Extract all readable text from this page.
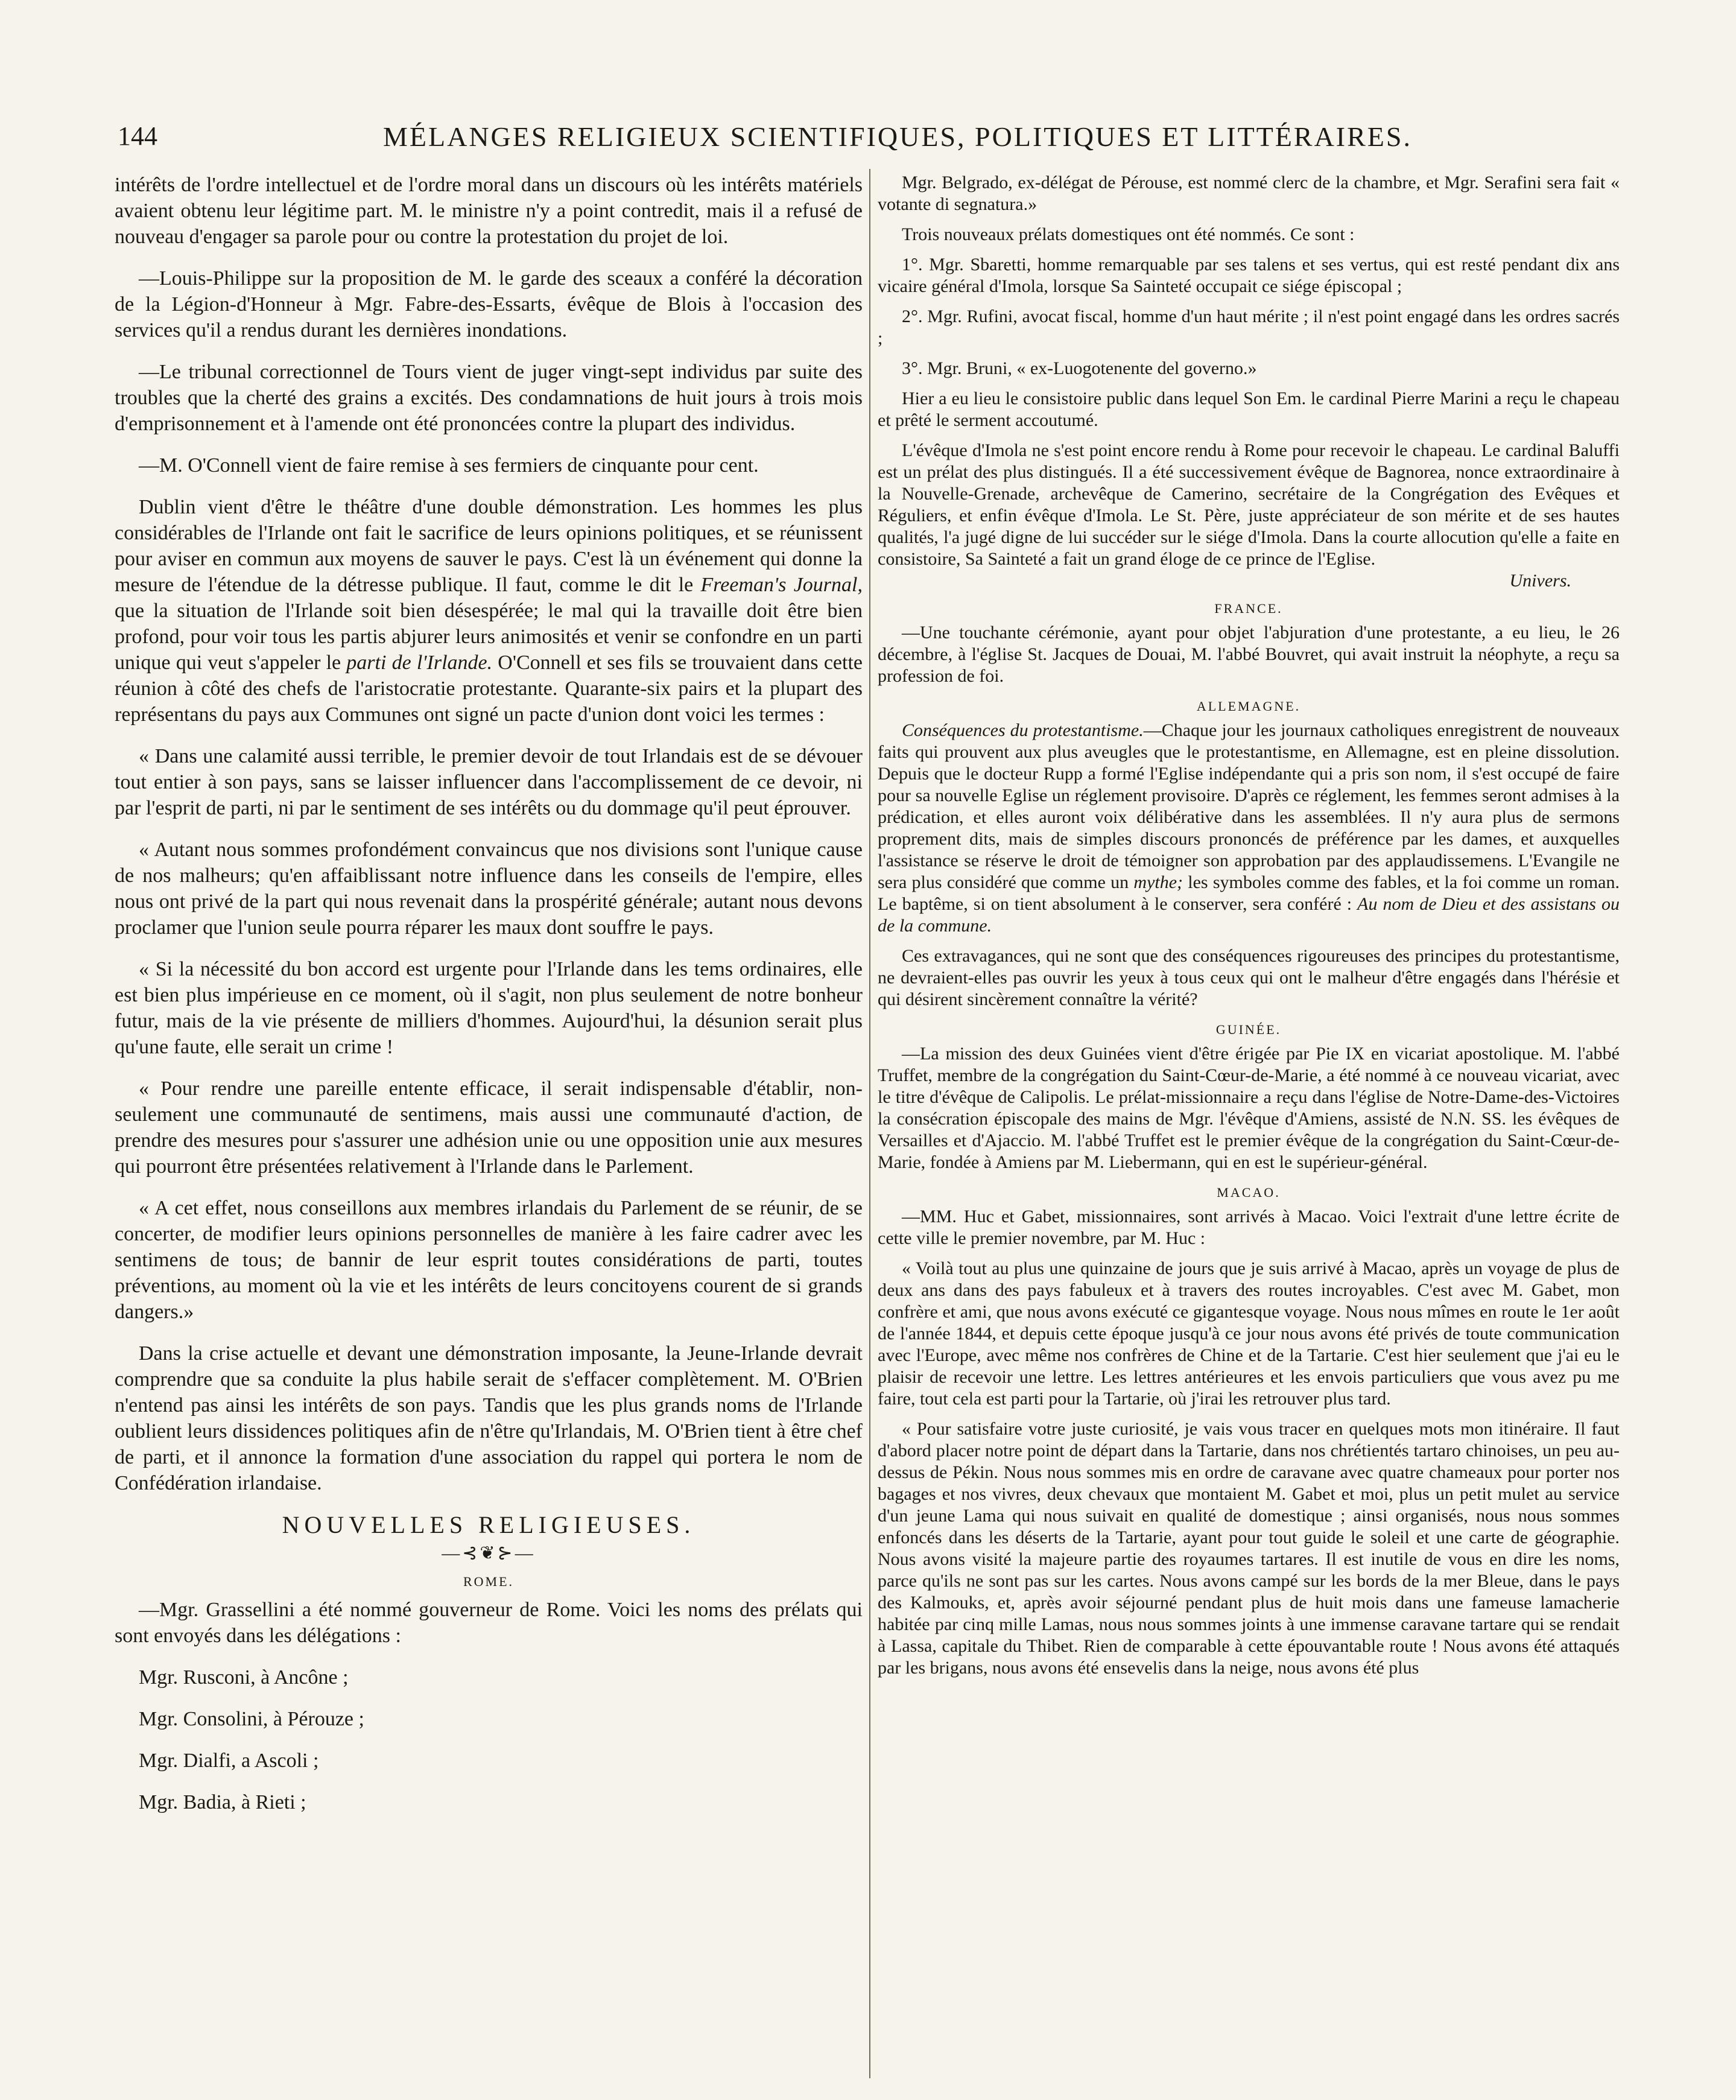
144	MÉLANGES RELIGIEUX SCIENTIFIQUES, POLITIQUES ET LITTÉRAIRES.

intérêts de l'ordre intellectuel et de l'ordre moral dans un discours où les intérêts matériels avaient obtenu leur légitime part. M. le ministre n'y a point contredit, mais il a refusé de nouveau d'engager sa parole pour ou contre la protestation du projet de loi.

—Louis-Philippe sur la proposition de M. le garde des sceaux a conféré la décoration de la Légion-d'Honneur à Mgr. Fabre-des-Essarts, évêque de Blois à l'occasion des services qu'il a rendus durant les dernières inondations.

—Le tribunal correctionnel de Tours vient de juger vingt-sept individus par suite des troubles que la cherté des grains a excités. Des condamnations de huit jours à trois mois d'emprisonnement et à l'amende ont été prononcées contre la plupart des individus.

—M. O'Connell vient de faire remise à ses fermiers de cinquante pour cent.

Dublin vient d'être le théâtre d'une double démonstration. Les hommes les plus considérables de l'Irlande ont fait le sacrifice de leurs opinions politiques, et se réunissent pour aviser en commun aux moyens de sauver le pays. C'est là un événement qui donne la mesure de l'étendue de la détresse publique. Il faut, comme le dit le Freeman's Journal, que la situation de l'Irlande soit bien désespérée; le mal qui la travaille doit être bien profond, pour voir tous les partis abjurer leurs animosités et venir se confondre en un parti unique qui veut s'appeler le parti de l'Irlande. O'Connell et ses fils se trouvaient dans cette réunion à côté des chefs de l'aristocratie protestante. Quarante-six pairs et la plupart des représentans du pays aux Communes ont signé un pacte d'union dont voici les termes :

« Dans une calamité aussi terrible, le premier devoir de tout Irlandais est de se dévouer tout entier à son pays, sans se laisser influencer dans l'accomplissement de ce devoir, ni par l'esprit de parti, ni par le sentiment de ses intérêts ou du dommage qu'il peut éprouver.

« Autant nous sommes profondément convaincus que nos divisions sont l'unique cause de nos malheurs; qu'en affaiblissant notre influence dans les conseils de l'empire, elles nous ont privé de la part qui nous revenait dans la prospérité générale; autant nous devons proclamer que l'union seule pourra réparer les maux dont souffre le pays.

« Si la nécessité du bon accord est urgente pour l'Irlande dans les tems ordinaires, elle est bien plus impérieuse en ce moment, où il s'agit, non plus seulement de notre bonheur futur, mais de la vie présente de milliers d'hommes. Aujourd'hui, la désunion serait plus qu'une faute, elle serait un crime !

« Pour rendre une pareille entente efficace, il serait indispensable d'établir, non-seulement une communauté de sentimens, mais aussi une communauté d'action, de prendre des mesures pour s'assurer une adhésion unie ou une opposition unie aux mesures qui pourront être présentées relativement à l'Irlande dans le Parlement.

« A cet effet, nous conseillons aux membres irlandais du Parlement de se réunir, de se concerter, de modifier leurs opinions personnelles de manière à les faire cadrer avec les sentimens de tous; de bannir de leur esprit toutes considérations de parti, toutes préventions, au moment où la vie et les intérêts de leurs concitoyens courent de si grands dangers.»

Dans la crise actuelle et devant une démonstration imposante, la Jeune-Irlande devrait comprendre que sa conduite la plus habile serait de s'effacer complètement. M. O'Brien n'entend pas ainsi les intérêts de son pays. Tandis que les plus grands noms de l'Irlande oublient leurs dissidences politiques afin de n'être qu'Irlandais, M. O'Brien tient à être chef de parti, et il annonce la formation d'une association du rappel qui portera le nom de Confédération irlandaise.

NOUVELLES RELIGIEUSES.
—⊰❦⊱—
ROME.

—Mgr. Grassellini a été nommé gouverneur de Rome. Voici les noms des prélats qui sont envoyés dans les délégations :

Mgr. Rusconi, à Ancône ;

Mgr. Consolini, à Pérouze ;

Mgr. Dialfi, a Ascoli ;

Mgr. Badia, à Rieti ;

Mgr. Belgrado, ex-délégat de Pérouse, est nommé clerc de la chambre, et Mgr. Serafini sera fait « votante di segnatura.»

Trois nouveaux prélats domestiques ont été nommés. Ce sont :

1°. Mgr. Sbaretti, homme remarquable par ses talens et ses vertus, qui est resté pendant dix ans vicaire général d'Imola, lorsque Sa Sainteté occupait ce siége épiscopal ;

2°. Mgr. Rufini, avocat fiscal, homme d'un haut mérite ; il n'est point engagé dans les ordres sacrés ;

3°. Mgr. Bruni, « ex-Luogotenente del governo.»

Hier a eu lieu le consistoire public dans lequel Son Em. le cardinal Pierre Marini a reçu le chapeau et prêté le serment accoutumé.

L'évêque d'Imola ne s'est point encore rendu à Rome pour recevoir le chapeau. Le cardinal Baluffi est un prélat des plus distingués. Il a été successivement évêque de Bagnorea, nonce extraordinaire à la Nouvelle-Grenade, archevêque de Camerino, secrétaire de la Congrégation des Evêques et Réguliers, et enfin évêque d'Imola. Le St. Père, juste appréciateur de son mérite et de ses hautes qualités, l'a jugé digne de lui succéder sur le siége d'Imola. Dans la courte allocution qu'elle a faite en consistoire, Sa Sainteté a fait un grand éloge de ce prince de l'Eglise.

Univers.
FRANCE.

—Une touchante cérémonie, ayant pour objet l'abjuration d'une protestante, a eu lieu, le 26 décembre, à l'église St. Jacques de Douai, M. l'abbé Bouvret, qui avait instruit la néophyte, a reçu sa profession de foi.

ALLEMAGNE.

Conséquences du protestantisme.—Chaque jour les journaux catholiques enregistrent de nouveaux faits qui prouvent aux plus aveugles que le protestantisme, en Allemagne, est en pleine dissolution. Depuis que le docteur Rupp a formé l'Eglise indépendante qui a pris son nom, il s'est occupé de faire pour sa nouvelle Eglise un réglement provisoire. D'après ce réglement, les femmes seront admises à la prédication, et elles auront voix délibérative dans les assemblées. Il n'y aura plus de sermons proprement dits, mais de simples discours prononcés de préférence par les dames, et auxquelles l'assistance se réserve le droit de témoigner son approbation par des applaudissemens. L'Evangile ne sera plus considéré que comme un mythe; les symboles comme des fables, et la foi comme un roman. Le baptême, si on tient absolument à le conserver, sera conféré : Au nom de Dieu et des assistans ou de la commune.

Ces extravagances, qui ne sont que des conséquences rigoureuses des principes du protestantisme, ne devraient-elles pas ouvrir les yeux à tous ceux qui ont le malheur d'être engagés dans l'hérésie et qui désirent sincèrement connaître la vérité?

GUINÉE.

—La mission des deux Guinées vient d'être érigée par Pie IX en vicariat apostolique. M. l'abbé Truffet, membre de la congrégation du Saint-Cœur-de-Marie, a été nommé à ce nouveau vicariat, avec le titre d'évêque de Calipolis. Le prélat-missionnaire a reçu dans l'église de Notre-Dame-des-Victoires la consécration épiscopale des mains de Mgr. l'évêque d'Amiens, assisté de N.N. SS. les évêques de Versailles et d'Ajaccio. M. l'abbé Truffet est le premier évêque de la congrégation du Saint-Cœur-de-Marie, fondée à Amiens par M. Liebermann, qui en est le supérieur-général.

MACAO.

—MM. Huc et Gabet, missionnaires, sont arrivés à Macao. Voici l'extrait d'une lettre écrite de cette ville le premier novembre, par M. Huc :

« Voilà tout au plus une quinzaine de jours que je suis arrivé à Macao, après un voyage de plus de deux ans dans des pays fabuleux et à travers des routes incroyables. C'est avec M. Gabet, mon confrère et ami, que nous avons exécuté ce gigantesque voyage. Nous nous mîmes en route le 1er août de l'année 1844, et depuis cette époque jusqu'à ce jour nous avons été privés de toute communication avec l'Europe, avec même nos confrères de Chine et de la Tartarie. C'est hier seulement que j'ai eu le plaisir de recevoir une lettre. Les lettres antérieures et les envois particuliers que vous avez pu me faire, tout cela est parti pour la Tartarie, où j'irai les retrouver plus tard.

« Pour satisfaire votre juste curiosité, je vais vous tracer en quelques mots mon itinéraire. Il faut d'abord placer notre point de départ dans la Tartarie, dans nos chrétientés tartaro chinoises, un peu au-dessus de Pékin. Nous nous sommes mis en ordre de caravane avec quatre chameaux pour porter nos bagages et nos vivres, deux chevaux que montaient M. Gabet et moi, plus un petit mulet au service d'un jeune Lama qui nous suivait en qualité de domestique ; ainsi organisés, nous nous sommes enfoncés dans les déserts de la Tartarie, ayant pour tout guide le soleil et une carte de géographie. Nous avons visité la majeure partie des royaumes tartares. Il est inutile de vous en dire les noms, parce qu'ils ne sont pas sur les cartes. Nous avons campé sur les bords de la mer Bleue, dans le pays des Kalmouks, et, après avoir séjourné pendant plus de huit mois dans une fameuse lamacherie habitée par cinq mille Lamas, nous nous sommes joints à une immense caravane tartare qui se rendait à Lassa, capitale du Thibet. Rien de comparable à cette épouvantable route ! Nous avons été attaqués par les brigans, nous avons été ensevelis dans la neige, nous avons été plus
